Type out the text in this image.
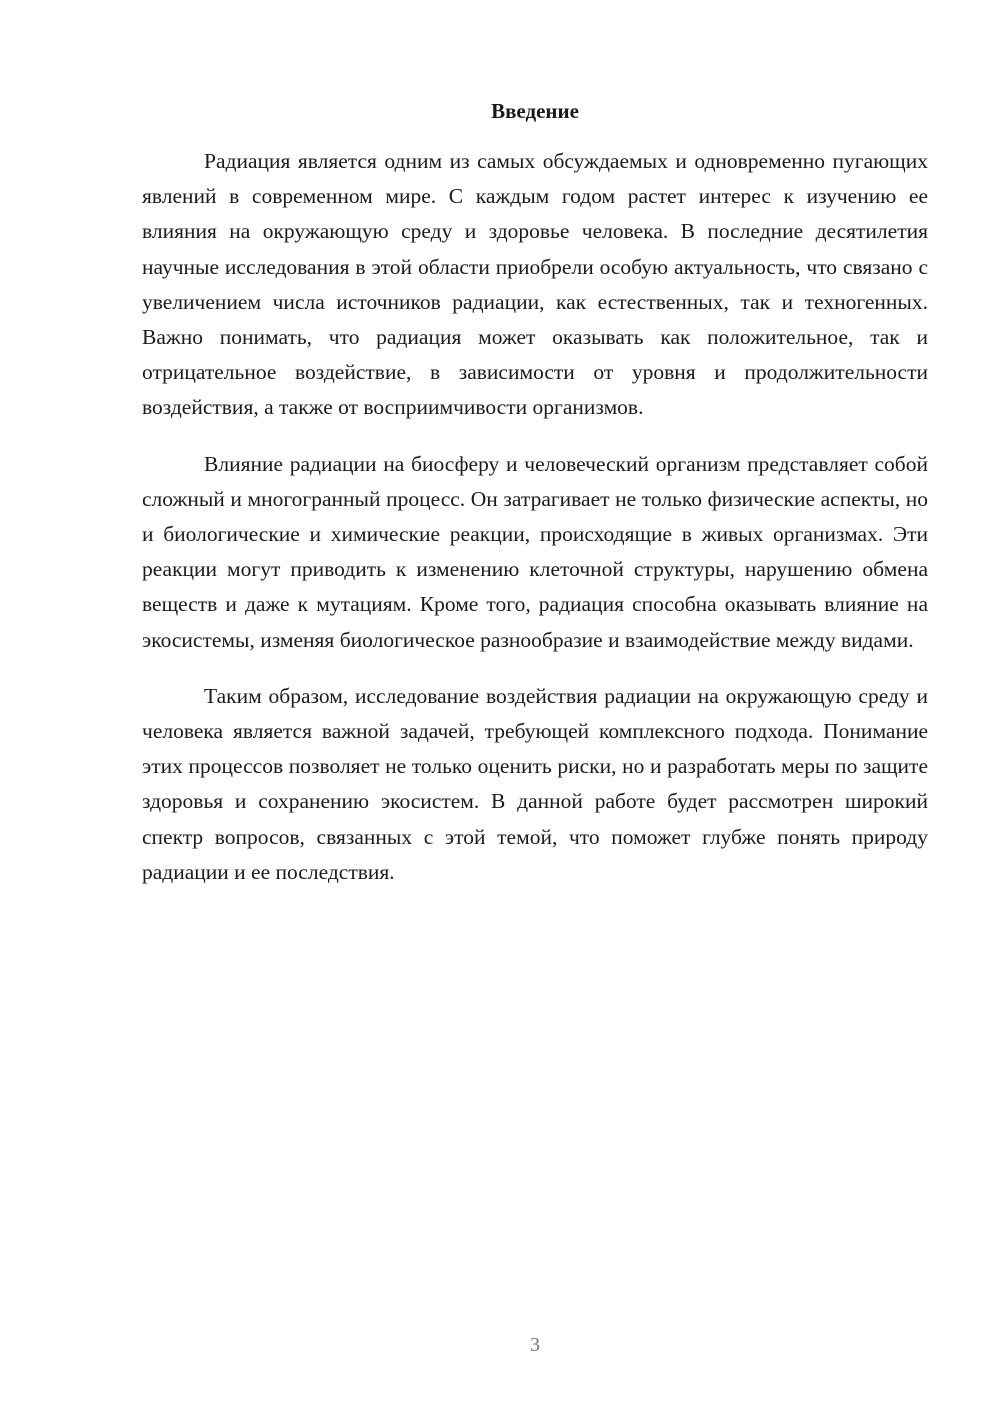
Введение

Радиация является одним из самых обсуждаемых и одновременно пугающих явлений в современном мире. С каждым годом растет интерес к изучению ее влияния на окружающую среду и здоровье человека. В последние десятилетия научные исследования в этой области приобрели особую актуальность, что связано с увеличением числа источников радиации, как естественных, так и техногенных. Важно понимать, что радиация может оказывать как положительное, так и отрицательное воздействие, в зависимости от уровня и продолжительности воздействия, а также от восприимчивости организмов.

Влияние радиации на биосферу и человеческий организм представляет собой сложный и многогранный процесс. Он затрагивает не только физические аспекты, но и биологические и химические реакции, происходящие в живых организмах. Эти реакции могут приводить к изменению клеточной структуры, нарушению обмена веществ и даже к мутациям. Кроме того, радиация способна оказывать влияние на экосистемы, изменяя биологическое разнообразие и взаимодействие между видами.

Таким образом, исследование воздействия радиации на окружающую среду и человека является важной задачей, требующей комплексного подхода. Понимание этих процессов позволяет не только оценить риски, но и разработать меры по защите здоровья и сохранению экосистем. В данной работе будет рассмотрен широкий спектр вопросов, связанных с этой темой, что поможет глубже понять природу радиации и ее последствия.

3
